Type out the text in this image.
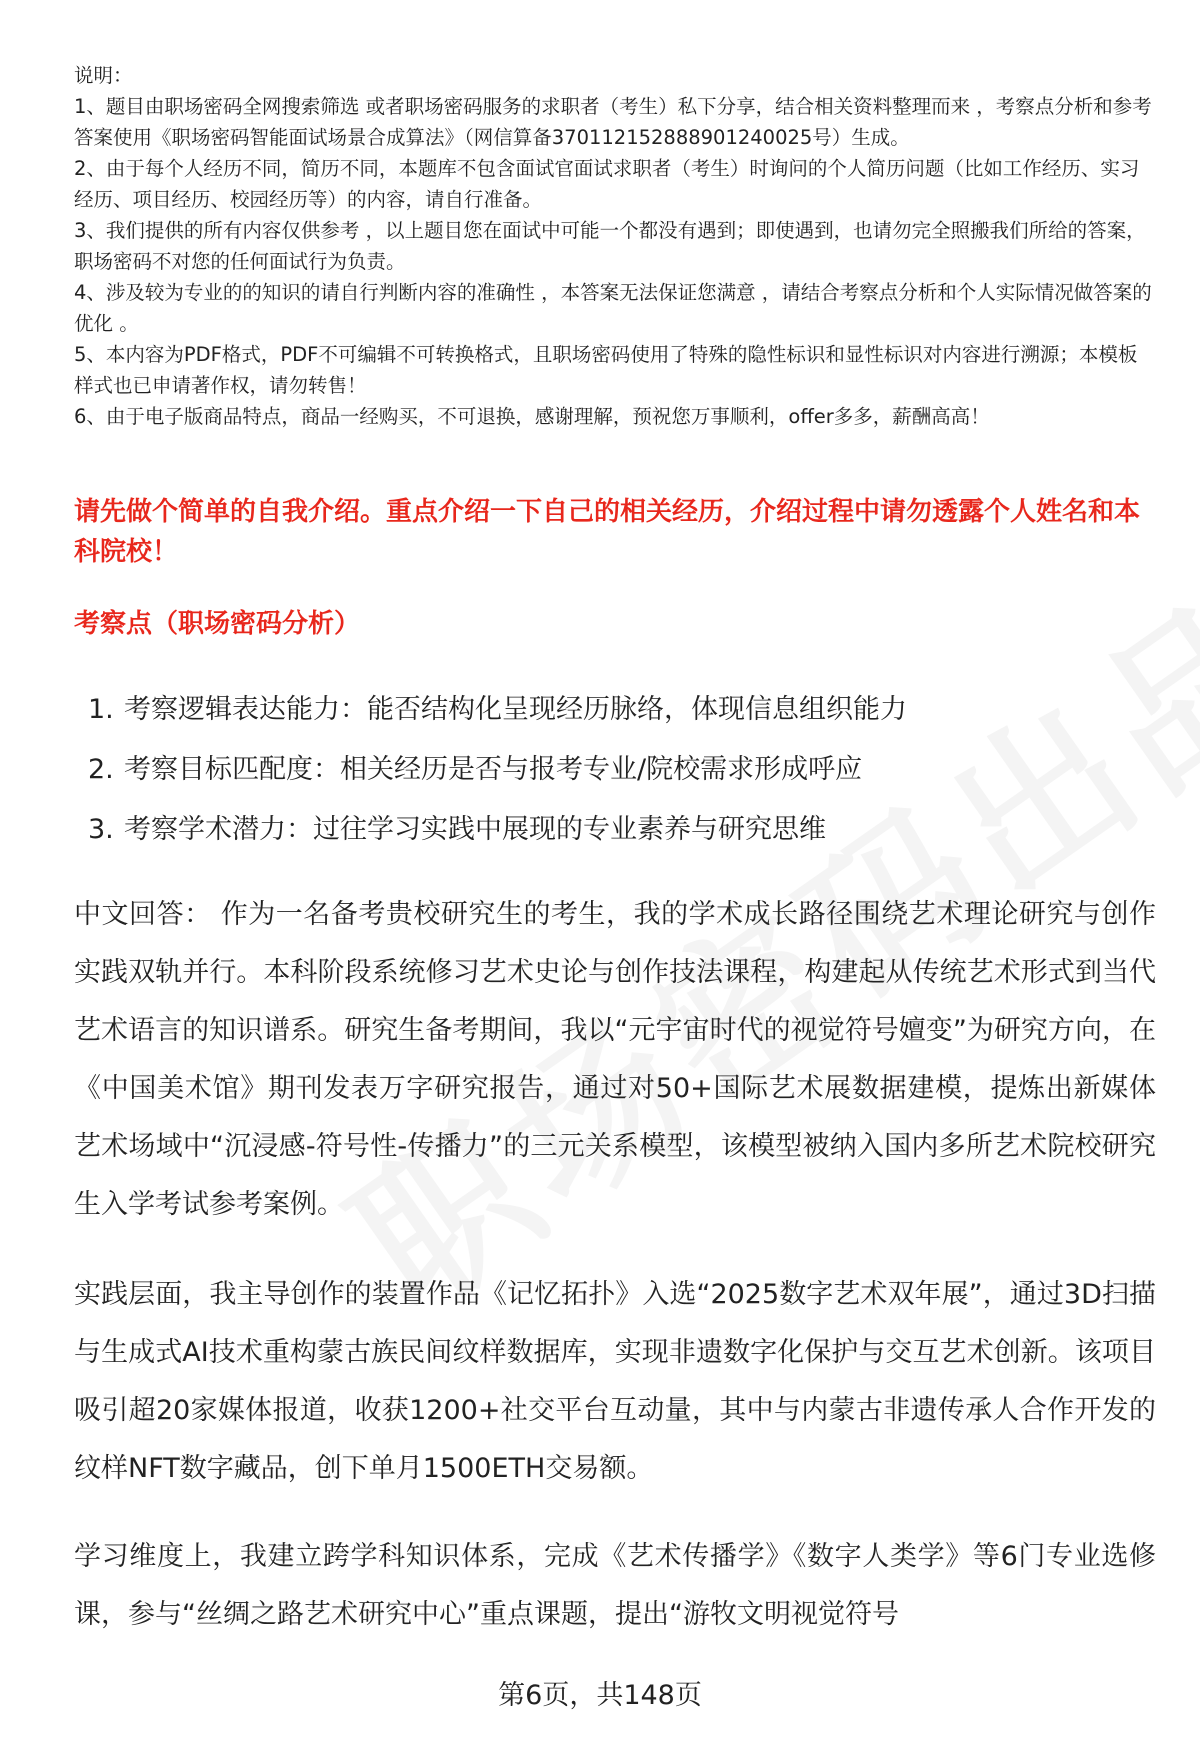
说明：
1、题目由职场密码全网搜索筛选 或者职场密码服务的求职者（考生）私下分享，结合相关资料整理而来 ，考察点分析和参考答案使用《职场密码智能面试场景合成算法》（网信算备370112152888901240025号）生成。
2、由于每个人经历不同，简历不同，本题库不包含面试官面试求职者（考生）时询问的个人简历问题（比如工作经历、实习经历、项目经历、校园经历等）的内容，请自行准备。
3、我们提供的所有内容仅供参考 ，以上题目您在面试中可能一个都没有遇到；即使遇到，也请勿完全照搬我们所给的答案，职场密码不对您的任何面试行为负责。
4、涉及较为专业的的知识的请自行判断内容的准确性 ，本答案无法保证您满意 ，请结合考察点分析和个人实际情况做答案的优化 。
5、本内容为PDF格式，PDF不可编辑不可转换格式，且职场密码使用了特殊的隐性标识和显性标识对内容进行溯源；本模板样式也已申请著作权，请勿转售！
6、由于电子版商品特点，商品一经购买，不可退换，感谢理解，预祝您万事顺利，offer多多，薪酬高高！
请先做个简单的自我介绍。重点介绍一下自己的相关经历，介绍过程中请勿透露个人姓名和本科院校！
考察点（职场密码分析）
1. 考察逻辑表达能力：能否结构化呈现经历脉络，体现信息组织能力
2. 考察目标匹配度：相关经历是否与报考专业/院校需求形成呼应
3. 考察学术潜力：过往学习实践中展现的专业素养与研究思维
中文回答： 作为一名备考贵校研究生的考生，我的学术成长路径围绕艺术理论研究与创作实践双轨并行。本科阶段系统修习艺术史论与创作技法课程，构建起从传统艺术形式到当代艺术语言的知识谱系。研究生备考期间，我以“元宇宙时代的视觉符号嬗变”为研究方向，在《中国美术馆》期刊发表万字研究报告，通过对50+国际艺术展数据建模，提炼出新媒体艺术场域中“沉浸感-符号性-传播力”的三元关系模型，该模型被纳入国内多所艺术院校研究生入学考试参考案例。
实践层面，我主导创作的装置作品《记忆拓扑》入选“2025数字艺术双年展”，通过3D扫描与生成式AI技术重构蒙古族民间纹样数据库，实现非遗数字化保护与交互艺术创新。该项目吸引超20家媒体报道，收获1200+社交平台互动量，其中与内蒙古非遗传承人合作开发的纹样NFT数字藏品，创下单月1500ETH交易额。
学习维度上，我建立跨学科知识体系，完成《艺术传播学》《数字人类学》等6门专业选修课，参与“丝绸之路艺术研究中心”重点课题，提出“游牧文明视觉符号
第6页，共148页
